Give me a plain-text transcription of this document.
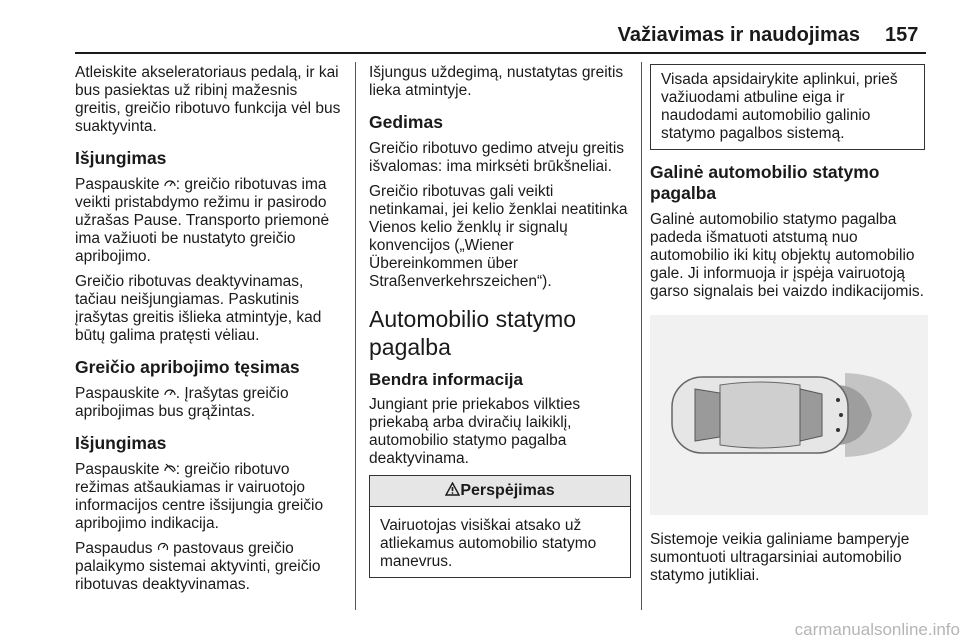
Važiavimas ir naudojimas 157

Atleiskite akseleratoriaus pedalą, ir kai bus pasiektas už ribinį mažesnis greitis, greičio ribotuvo funkcija vėl bus suaktyvinta.

Išjungimas

Paspauskite : greičio ribotuvas ima veikti pristabdymo režimu ir pasirodo užrašas Pause. Transporto priemonė ima važiuoti be nustatyto greičio apribojimo.

Greičio ribotuvas deaktyvinamas, tačiau neišjungiamas. Paskutinis įrašytas greitis išlieka atmintyje, kad būtų galima pratęsti vėliau.

Greičio apribojimo tęsimas

Paspauskite . Įrašytas greičio apribojimas bus grąžintas.

Išjungimas

Paspauskite : greičio ribotuvo režimas atšaukiamas ir vairuotojo informacijos centre išsijungia greičio apribojimo indikacija.

Paspaudus  pastovaus greičio palaikymo sistemai aktyvinti, greičio ribotuvas deaktyvinamas.

Išjungus uždegimą, nustatytas greitis lieka atmintyje.

Gedimas

Greičio ribotuvo gedimo atveju greitis išvalomas: ima mirksėti brūkšneliai.

Greičio ribotuvas gali veikti netinkamai, jei kelio ženklai neatitinka Vienos kelio ženklų ir signalų konvencijos („Wiener Übereinkommen über Straßenverkehrszeichen“).

Automobilio statymo pagalba
Bendra informacija

Jungiant prie priekabos vilkties priekabą arba dviračių laikiklį, automobilio statymo pagalba deaktyvinama.

Perspėjimas
Vairuotojas visiškai atsako už atliekamus automobilio statymo manevrus.
Visada apsidairykite aplinkui, prieš važiuodami atbuline eiga ir naudodami automobilio galinio statymo pagalbos sistemą.
Galinė automobilio statymo pagalba

Galinė automobilio statymo pagalba padeda išmatuoti atstumą nuo automobilio iki kitų objektų automobilio gale. Ji informuoja ir įspėja vairuotoją garso signalais bei vaizdo indikacijomis.

Sistemoje veikia galiniame bamperyje sumontuoti ultragarsiniai automobilio statymo jutikliai.

carmanualsonline.info
